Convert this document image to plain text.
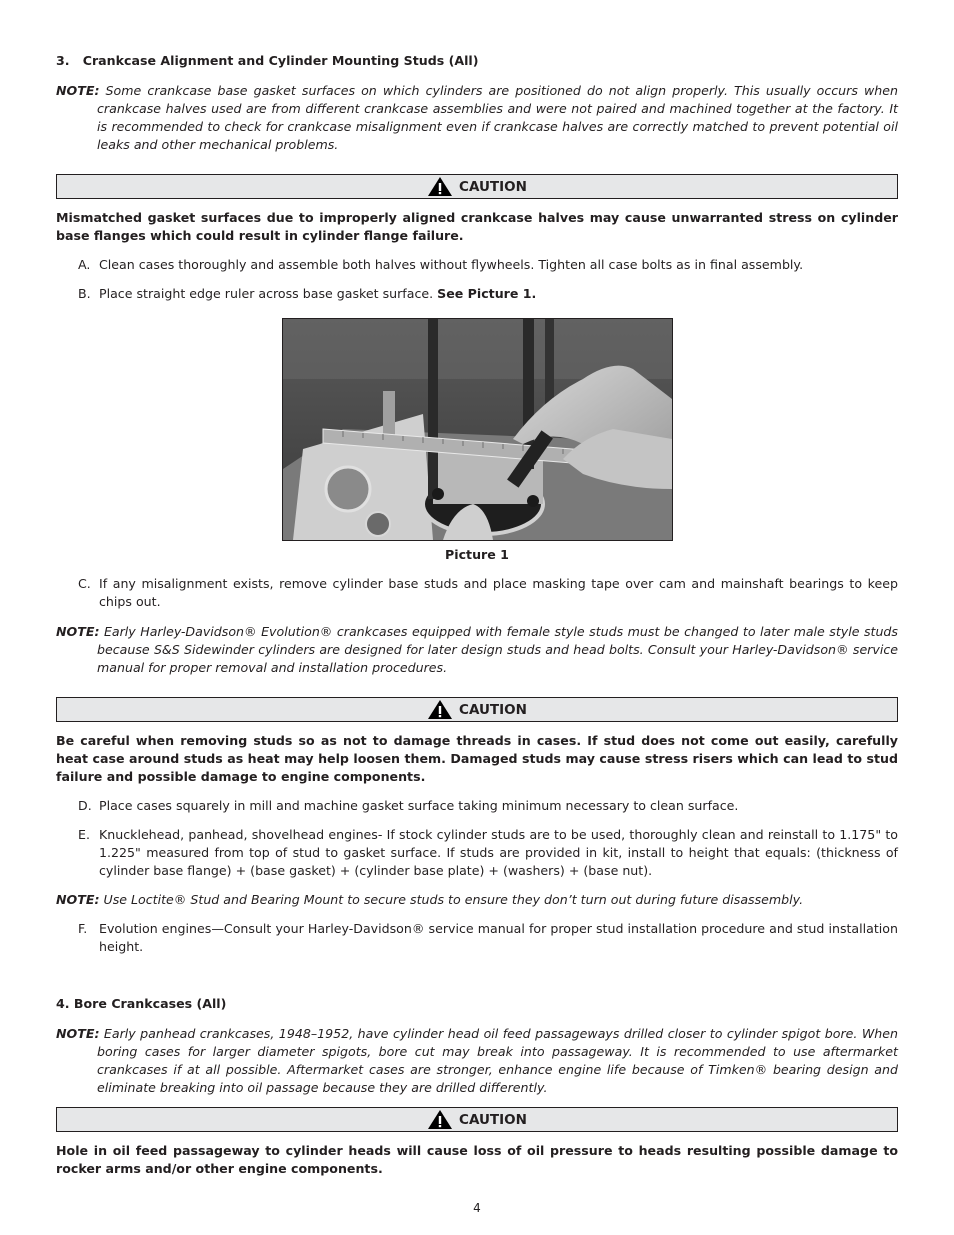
3.   Crankcase Alignment and Cylinder Mounting Studs (All)

NOTE: Some crankcase base gasket surfaces on which cylinders are positioned do not align properly. This usually occurs when crankcase halves used are from different crankcase assemblies and were not paired and machined together at the factory. It is recommended to check for crankcase misalignment even if crankcase halves are correctly matched to prevent potential oil leaks and other mechanical problems.

CAUTION

Mismatched gasket surfaces due to improperly aligned crankcase halves may cause unwarranted stress on cylinder base flanges which could result in cylinder flange failure.

A. Clean cases thoroughly and assemble both halves without flywheels. Tighten all case bolts as in final assembly.

B. Place straight edge ruler across base gasket surface. See Picture 1.

Picture 1

C. If any misalignment exists, remove cylinder base studs and place masking tape over cam and mainshaft bearings to keep chips out.

NOTE: Early Harley-Davidson® Evolution® crankcases equipped with female style studs must be changed to later male style studs because S&S Sidewinder cylinders are designed for later design studs and head bolts. Consult your Harley-Davidson® service manual for proper removal and installation procedures.

CAUTION

Be careful when removing studs so as not to damage threads in cases. If stud does not come out easily, carefully heat case around studs as heat may help loosen them. Damaged studs may cause stress risers which can lead to stud failure and possible damage to engine components.

D. Place cases squarely in mill and machine gasket surface taking minimum necessary to clean surface.

E. Knucklehead, panhead, shovelhead engines- If stock cylinder studs are to be used, thoroughly clean and reinstall to 1.175" to 1.225" measured from top of stud to gasket surface. If studs are provided in kit, install to height that equals: (thickness of cylinder base flange) + (base gasket) + (cylinder base plate) + (washers) + (base nut).

NOTE: Use Loctite® Stud and Bearing Mount to secure studs to ensure they don’t turn out during future disassembly.

F. Evolution engines—Consult your Harley-Davidson® service manual for proper stud installation procedure and stud installation height.

4. Bore Crankcases (All)

NOTE: Early panhead crankcases, 1948–1952, have cylinder head oil feed passageways drilled closer to cylinder spigot bore. When boring cases for larger diameter spigots, bore cut may break into passageway. It is recommended to use aftermarket crankcases if at all possible. Aftermarket cases are stronger, enhance engine life because of Timken® bearing design and eliminate breaking into oil passage because they are drilled differently.

CAUTION

Hole in oil feed passageway to cylinder heads will cause loss of oil pressure to heads resulting possible damage to rocker arms and/or other engine components.

4
